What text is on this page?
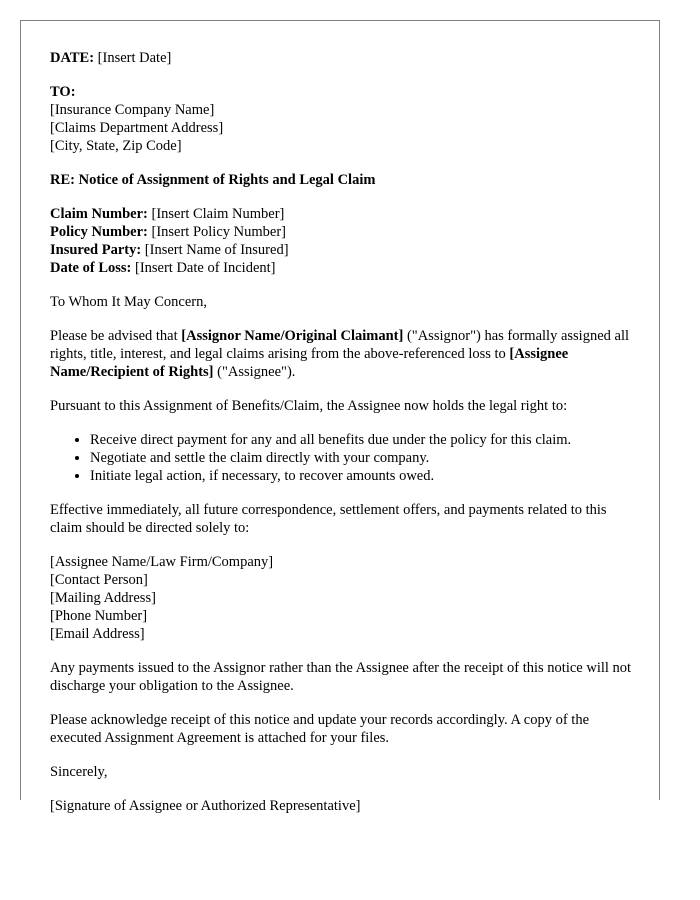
DATE: [Insert Date]

TO:
[Insurance Company Name]
[Claims Department Address]
[City, State, Zip Code]

RE: Notice of Assignment of Rights and Legal Claim

Claim Number: [Insert Claim Number]
Policy Number: [Insert Policy Number]
Insured Party: [Insert Name of Insured]
Date of Loss: [Insert Date of Incident]

To Whom It May Concern,

Please be advised that [Assignor Name/Original Claimant] ("Assignor") has formally assigned all rights, title, interest, and legal claims arising from the above-referenced loss to [Assignee Name/Recipient of Rights] ("Assignee").

Pursuant to this Assignment of Benefits/Claim, the Assignee now holds the legal right to:

• Receive direct payment for any and all benefits due under the policy for this claim.
• Negotiate and settle the claim directly with your company.
• Initiate legal action, if necessary, to recover amounts owed.

Effective immediately, all future correspondence, settlement offers, and payments related to this claim should be directed solely to:

[Assignee Name/Law Firm/Company]
[Contact Person]
[Mailing Address]
[Phone Number]
[Email Address]

Any payments issued to the Assignor rather than the Assignee after the receipt of this notice will not discharge your obligation to the Assignee.

Please acknowledge receipt of this notice and update your records accordingly. A copy of the executed Assignment Agreement is attached for your files.

Sincerely,

[Signature of Assignee or Authorized Representative]
